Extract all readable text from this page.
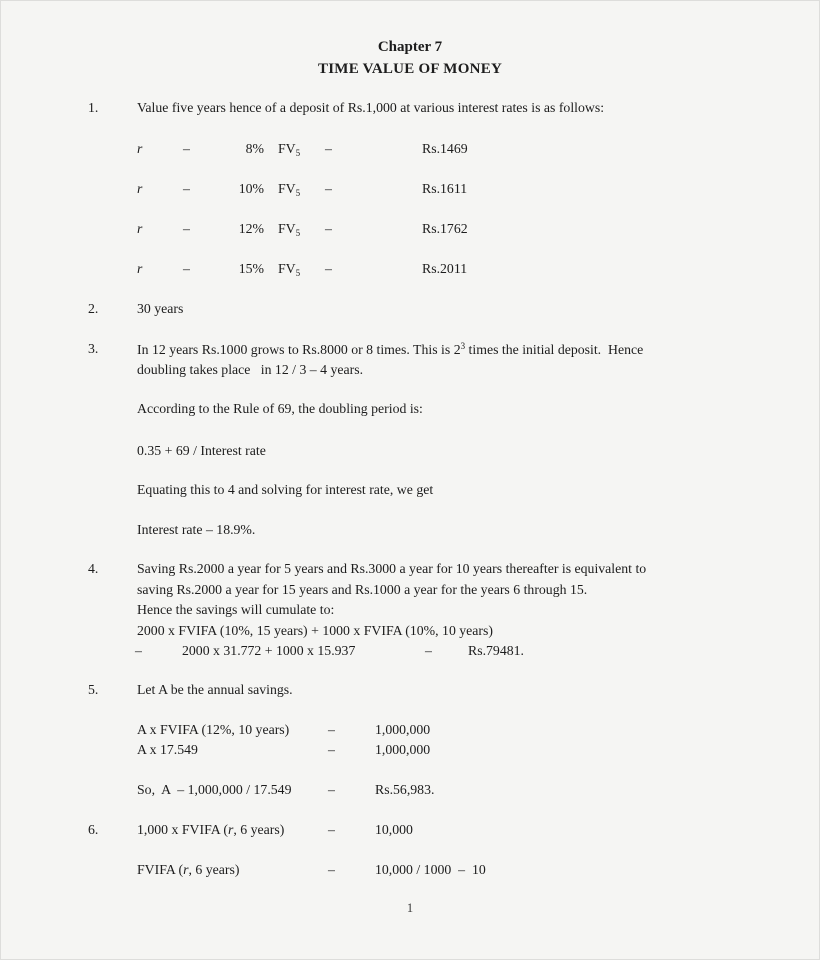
Chapter 7
TIME VALUE OF MONEY
1.	Value five years hence of a deposit of Rs.1,000 at various interest rates is as follows:
r	–	8% $FV_5$ –	Rs.1469
r	–	10% $FV_5$ –	Rs.1611
r	–	12% $FV_5$ –	Rs.1762
r	–	15% $FV_5$ –	Rs.2011
2.	30 years
3.	In 12 years Rs.1000 grows to Rs.8000 or 8 times. This is $2^3$ times the initial deposit.  Hence
doubling takes place   in 12 / 3 – 4 years.
According to the Rule of 69, the doubling period is:
0.35 + 69 / Interest rate
Equating this to 4 and solving for interest rate, we get
Interest rate – 18.9%.
4.	Saving Rs.2000 a year for 5 years and Rs.3000 a year for 10 years thereafter is equivalent to
saving Rs.2000 a year for 15 years and Rs.1000 a year for the years 6 through 15.
Hence the savings will cumulate to:
2000 x FVIFA (10%, 15 years) + 1000 x FVIFA (10%, 10 years)
–	2000 x 31.772 + 1000 x 15.937	–	Rs.79481.
5.	Let A be the annual savings.
A x FVIFA (12%, 10 years)	–	1,000,000
A x 17.549	–	1,000,000
So,  A  – 1,000,000 / 17.549	–	Rs.56,983.
6.	1,000 x FVIFA (r, 6 years)	–	10,000
FVIFA (r, 6 years)	–	10,000 / 1000  –  10
1
